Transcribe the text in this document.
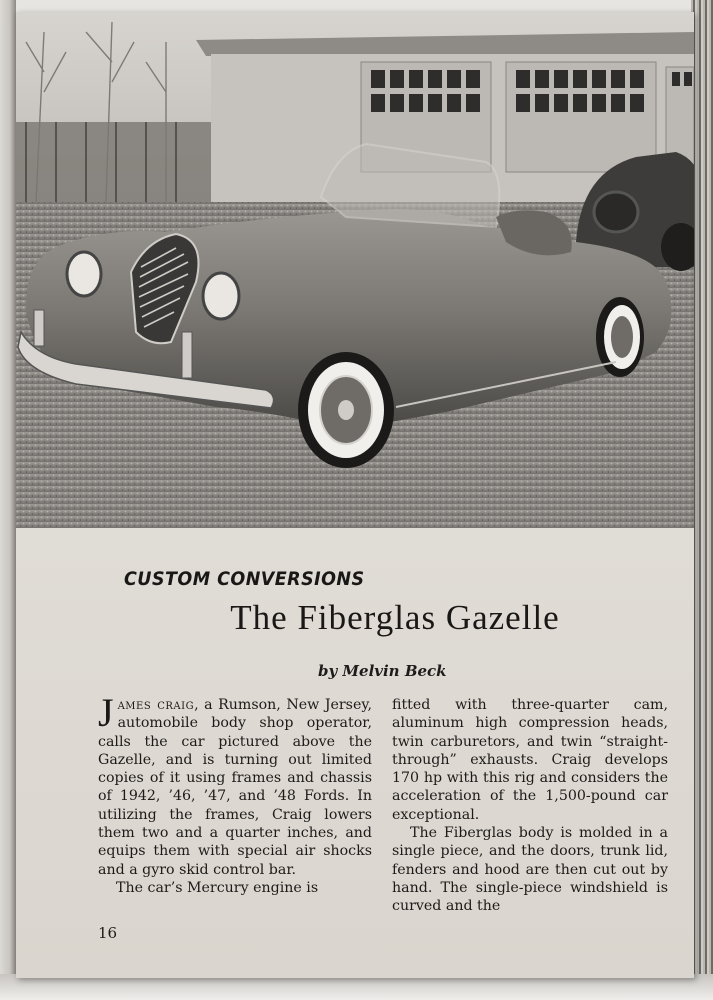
CUSTOM CONVERSIONS
The Fiberglas Gazelle
by Melvin Beck

James craig, a Rumson, New Jersey, automobile body shop operator, calls the car pictured above the Gazelle, and is turning out limited copies of it using frames and chassis of 1942, ’46, ’47, and ’48 Fords. In utilizing the frames, Craig lowers them two and a quarter inches, and equips them with special air shocks and a gyro skid control bar.

The car’s Mercury engine is

fitted with three-quarter cam, aluminum high compression heads, twin carburetors, and twin “straight-through” exhausts. Craig develops 170 hp with this rig and considers the acceleration of the 1,500-pound car exceptional.

The Fiberglas body is molded in a single piece, and the doors, trunk lid, fenders and hood are then cut out by hand. The single-piece windshield is curved and the

16
